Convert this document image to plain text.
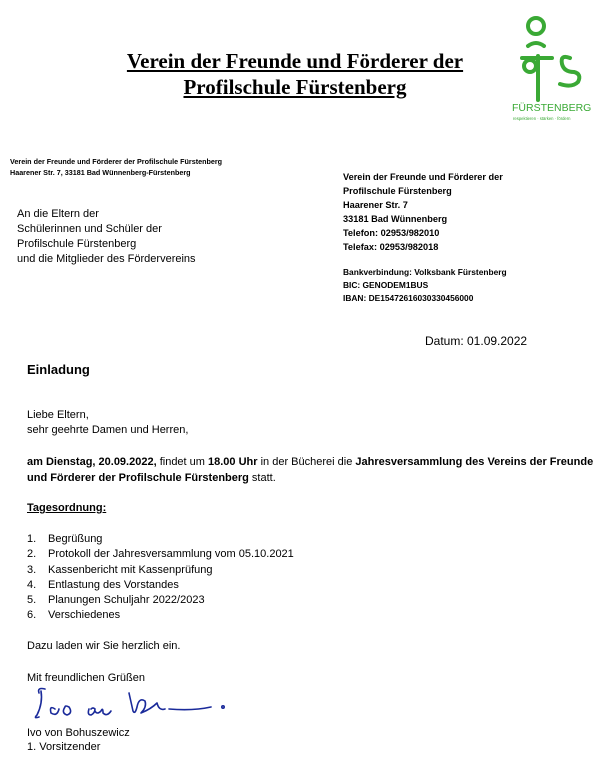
Verein der Freunde und Förderer der
Profilschule Fürstenberg
FÜRSTENBERG
respektieren · stärken · fördern
Verein der Freunde und Förderer der Profilschule Fürstenberg
Haarener Str. 7, 33181 Bad Wünnenberg-Fürstenberg
An die Eltern der
Schülerinnen und Schüler der
Profilschule Fürstenberg
und die Mitglieder des Fördervereins
Verein der Freunde und Förderer der
Profilschule Fürstenberg
Haarener Str. 7
33181 Bad Wünnenberg
Telefon: 02953/982010
Telefax: 02953/982018
Bankverbindung: Volksbank Fürstenberg
BIC: GENODEM1BUS
IBAN: DE15472616030330456000
Datum: 01.09.2022
Einladung
Liebe Eltern,
sehr geehrte Damen und Herren,
am Dienstag, 20.09.2022, findet um 18.00 Uhr in der Bücherei die Jahresversammlung des Vereins der Freunde und Förderer der Profilschule Fürstenberg statt.
Tagesordnung:
1.	Begrüßung
2.	Protokoll der Jahresversammlung vom 05.10.2021
3.	Kassenbericht mit Kassenprüfung
4.	Entlastung des Vorstandes
5.	Planungen Schuljahr 2022/2023
6.	Verschiedenes
Dazu laden wir Sie herzlich ein.
Mit freundlichen Grüßen
Ivo von Bohuszewicz
1. Vorsitzender
